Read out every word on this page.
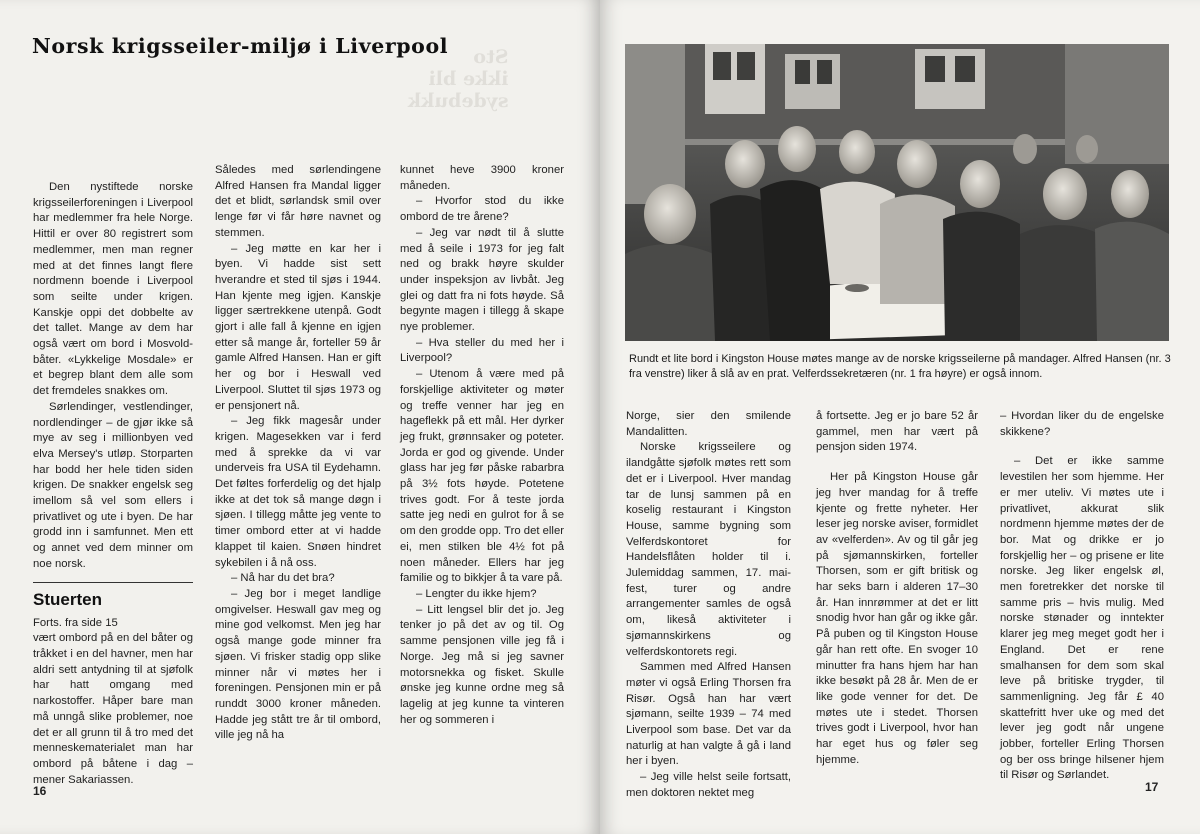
Sto
ikke bli
sydebukk
Norsk krigsseiler-miljø i Liverpool

Den nystiftede norske krigsseilerforeningen i Liverpool har medlemmer fra hele Norge. Hittil er over 80 registrert som medlemmer, men man regner med at det finnes langt flere nordmenn boende i Liverpool som seilte under krigen. Kanskje oppi det dobbelte av det tallet. Mange av dem har også vært om bord i Mosvold-båter. «Lykkelige Mosdale» er et begrep blant dem alle som det fremdeles snakkes om.

Sørlendinger, vestlendinger, nordlendinger – de gjør ikke så mye av seg i millionbyen ved elva Mersey's utløp. Storparten har bodd her hele tiden siden krigen. De snakker engelsk seg imellom så vel som ellers i privatlivet og ute i byen. De har grodd inn i samfunnet. Men ett og annet ved dem minner om noe norsk.

Stuerten

Forts. fra side 15

vært ombord på en del båter og tråkket i en del havner, men har aldri sett antydning til at sjøfolk har hatt omgang med narkostoffer. Håper bare man må unngå slike problemer, noe det er all grunn til å tro med det menneskematerialet man har ombord på båtene i dag – mener Sakariassen.

Således med sørlendingene Alfred Hansen fra Mandal ligger det et blidt, sørlandsk smil over lenge før vi får høre navnet og stemmen.

– Jeg møtte en kar her i byen. Vi hadde sist sett hverandre et sted til sjøs i 1944. Han kjente meg igjen. Kanskje ligger særtrekkene utenpå. Godt gjort i alle fall å kjenne en igjen etter så mange år, forteller 59 år gamle Alfred Hansen. Han er gift her og bor i Heswall ved Liverpool. Sluttet til sjøs 1973 og er pensjonert nå.

– Jeg fikk magesår under krigen. Magesekken var i ferd med å sprekke da vi var underveis fra USA til Eydehamn. Det føltes forferdelig og det hjalp ikke at det tok så mange døgn i sjøen. I tillegg måtte jeg vente to timer ombord etter at vi hadde klappet til kaien. Snøen hindret sykebilen i å nå oss.

– Nå har du det bra?

– Jeg bor i meget landlige omgivelser. Heswall gav meg og mine god velkomst. Men jeg har også mange gode minner fra sjøen. Vi frisker stadig opp slike minner når vi møtes her i foreningen. Pensjonen min er på runddt 3000 kroner måneden. Hadde jeg stått tre år til ombord, ville jeg nå ha

kunnet heve 3900 kroner måneden.

– Hvorfor stod du ikke ombord de tre årene?

– Jeg var nødt til å slutte med å seile i 1973 for jeg falt ned og brakk høyre skulder under inspeksjon av livbåt. Jeg glei og datt fra ni fots høyde. Så begynte magen i tillegg å skape nye problemer.

– Hva steller du med her i Liverpool?

– Utenom å være med på forskjellige aktiviteter og møter og treffe venner har jeg en hageflekk på ett mål. Her dyrker jeg frukt, grønnsaker og poteter. Jorda er god og givende. Under glass har jeg før påske rabarbra på 3½ fots høyde. Potetene trives godt. For å teste jorda satte jeg nedi en gulrot for å se om den grodde opp. Tro det eller ei, men stilken ble 4½ fot på noen måneder. Ellers har jeg familie og to bikkjer å ta vare på.

– Lengter du ikke hjem?

– Litt lengsel blir det jo. Jeg tenker jo på det av og til. Og samme pensjonen ville jeg få i Norge. Jeg må si jeg savner motorsnekka og fisket. Skulle ønske jeg kunne ordne meg så lagelig at jeg kunne ta vinteren her og sommeren i

16	17

Rundt et lite bord i Kingston House møtes mange av de norske krigsseilerne på mandager. Alfred Hansen (nr. 3 fra venstre) liker å slå av en prat. Velferdssekretæren (nr. 1 fra høyre) er også innom.

Norge, sier den smilende Mandalitten.

Norske krigsseilere og ilandgåtte sjøfolk møtes rett som det er i Liverpool. Hver mandag tar de lunsj sammen på en koselig restaurant i Kingston House, samme bygning som Velferdskontoret for Handelsflåten holder til i. Julemiddag sammen, 17. mai-fest, turer og andre arrangementer samles de også om, likeså aktiviteter i sjømannskirkens og velferdskontorets regi.

Sammen med Alfred Hansen møter vi også Erling Thorsen fra Risør. Også han har vært sjømann, seilte 1939 – 74 med Liverpool som base. Det var da naturlig at han valgte å gå i land her i byen.

– Jeg ville helst seile fortsatt, men doktoren nektet meg

å fortsette. Jeg er jo bare 52 år gammel, men har vært på pensjon siden 1974.

Her på Kingston House går jeg hver mandag for å treffe kjente og frette nyheter. Her leser jeg norske aviser, formidlet av «velferden». Av og til går jeg på sjømannskirken, forteller Thorsen, som er gift britisk og har seks barn i alderen 17–30 år. Han innrømmer at det er litt snodig hvor han går og ikke går. På puben og til Kingston House går han rett ofte. En svoger 10 minutter fra hans hjem har han ikke besøkt på 28 år. Men de er like gode venner for det. De møtes ute i stedet. Thorsen trives godt i Liverpool, hvor han har eget hus og føler seg hjemme.

– Hvordan liker du de engelske skikkene?

– Det er ikke samme levestilen her som hjemme. Her er mer uteliv. Vi møtes ute i privatlivet, akkurat slik nordmenn hjemme møtes der de bor. Mat og drikke er jo forskjellig her – og prisene er lite norske. Jeg liker engelsk øl, men foretrekker det norske til samme pris – hvis mulig. Med norske stønader og inntekter klarer jeg meg meget godt her i England. Det er rene smalhansen for dem som skal leve på britiske trygder, til sammenligning. Jeg får £ 40 skattefritt hver uke og med det lever jeg godt når ungene jobber, forteller Erling Thorsen og ber oss bringe hilsener hjem til Risør og Sørlandet.
